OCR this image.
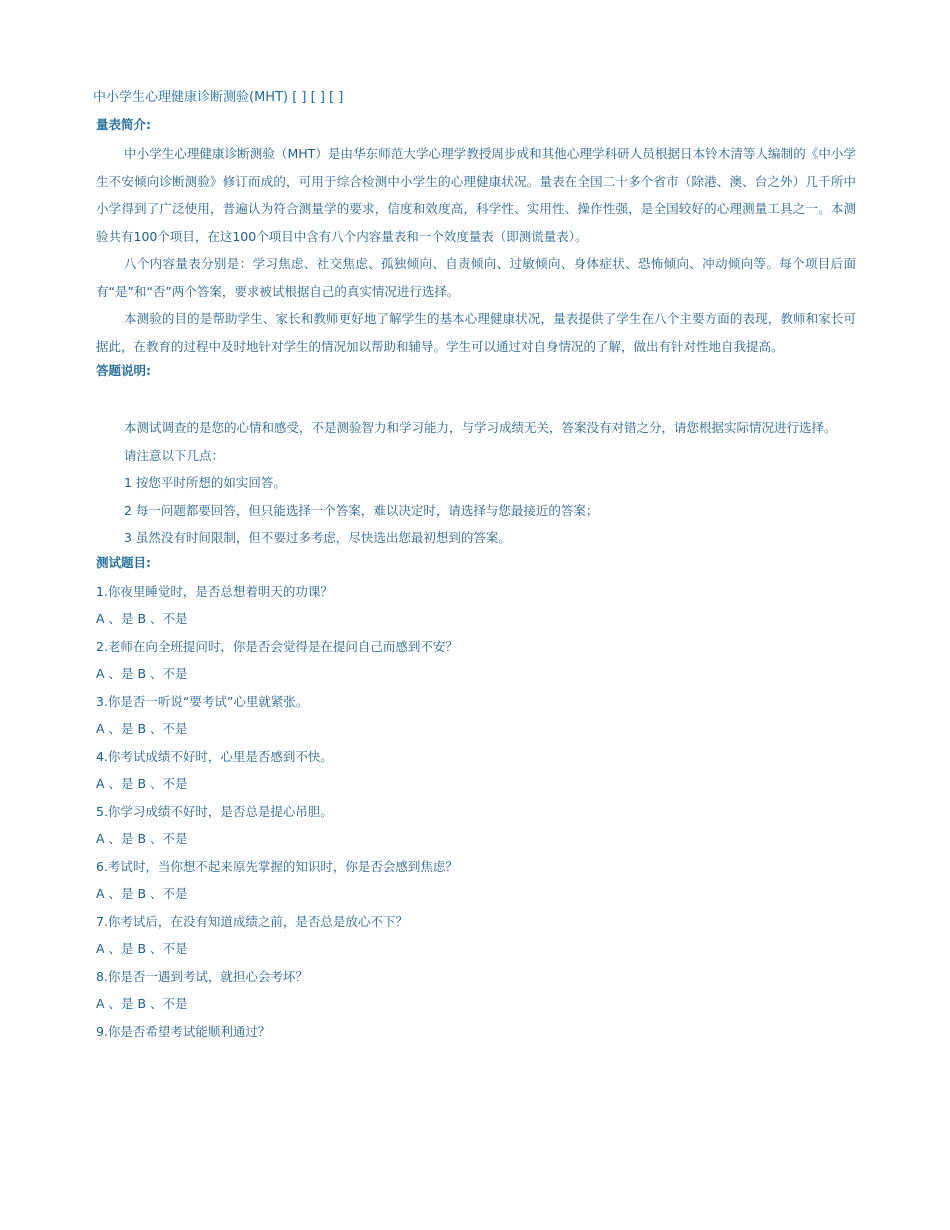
中小学生心理健康诊断测验(MHT) [ ] [ ] [ ]
量表简介:

中小学生心理健康诊断测验（MHT）是由华东师范大学心理学教授周步成和其他心理学科研人员根据日本铃木清等人编制的《中小学生不安倾向诊断测验》修订而成的，可用于综合检测中小学生的心理健康状况。量表在全国二十多个省市（除港、澳、台之外）几千所中小学得到了广泛使用，普遍认为符合测量学的要求，信度和效度高，科学性、实用性、操作性强，是全国较好的心理测量工具之一。本测验共有100个项目，在这100个项目中含有八个内容量表和一个效度量表（即测谎量表）。

八个内容量表分别是：学习焦虑、社交焦虑、孤独倾向、自责倾向、过敏倾向、身体症状、恐怖倾向、冲动倾向等。每个项目后面有“是”和“否”两个答案，要求被试根据自己的真实情况进行选择。

本测验的目的是帮助学生、家长和教师更好地了解学生的基本心理健康状况，量表提供了学生在八个主要方面的表现，教师和家长可据此，在教育的过程中及时地针对学生的情况加以帮助和辅导。学生可以通过对自身情况的了解，做出有针对性地自我提高。

答题说明:

本测试调查的是您的心情和感受，不是测验智力和学习能力，与学习成绩无关，答案没有对错之分，请您根据实际情况进行选择。

请注意以下几点：
1 按您平时所想的如实回答。
2 每一问题都要回答，但只能选择一个答案，难以决定时，请选择与您最接近的答案；
3 虽然没有时间限制，但不要过多考虑，尽快选出您最初想到的答案。
测试题目:
1.你夜里睡觉时，是否总想着明天的功课？
A 、是 B 、不是
2.老师在向全班提问时，你是否会觉得是在提问自己而感到不安？
A 、是 B 、不是
3.你是否一听说“要考试”心里就紧张。
A 、是 B 、不是
4.你考试成绩不好时，心里是否感到不快。
A 、是 B 、不是
5.你学习成绩不好时，是否总是提心吊胆。
A 、是 B 、不是
6.考试时，当你想不起来原先掌握的知识时，你是否会感到焦虑？
A 、是 B 、不是
7.你考试后，在没有知道成绩之前，是否总是放心不下？
A 、是 B 、不是
8.你是否一遇到考试，就担心会考坏？
A 、是 B 、不是
9.你是否希望考试能顺利通过？
